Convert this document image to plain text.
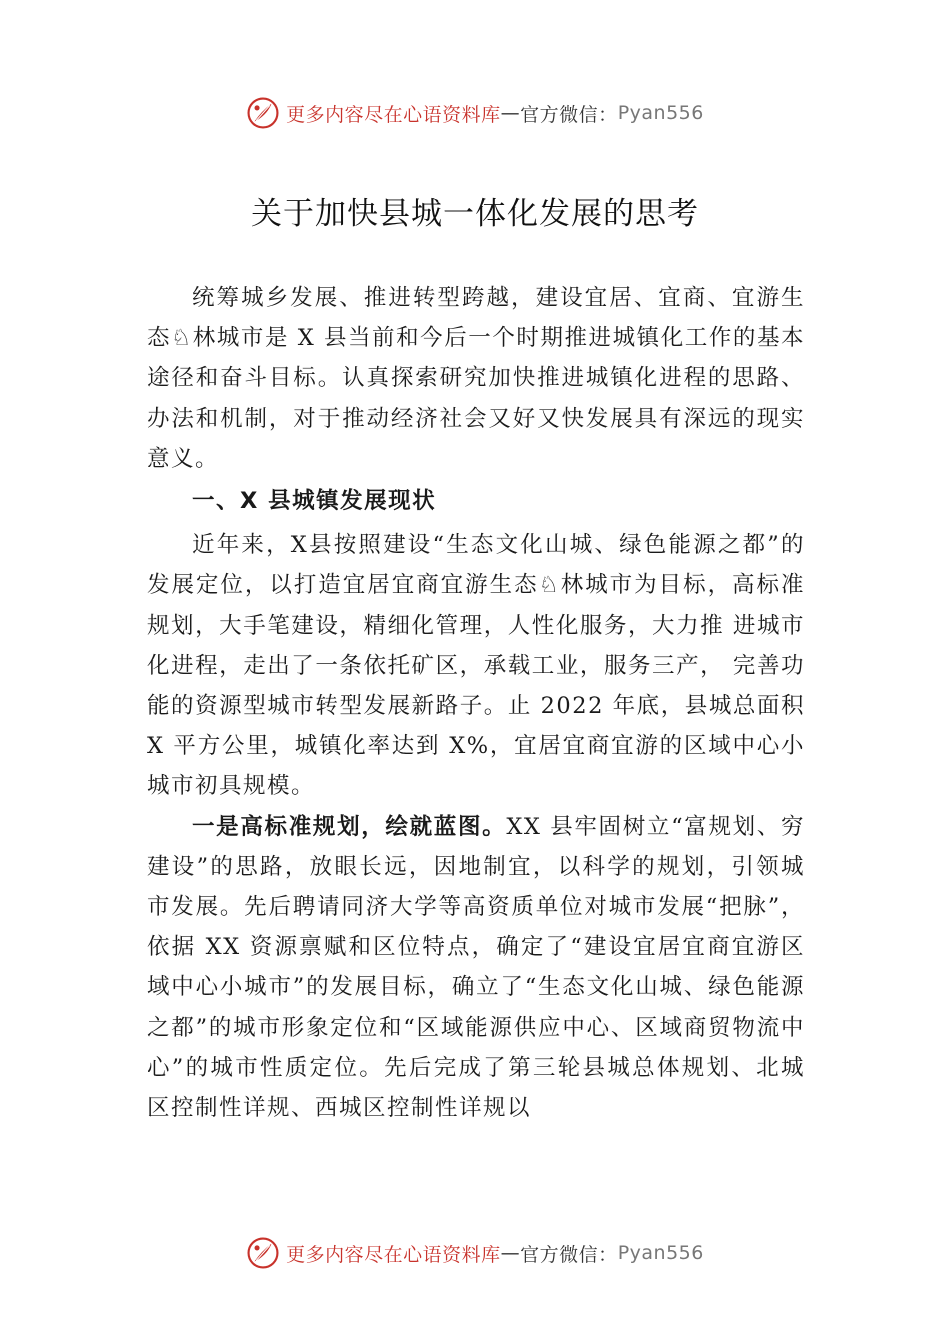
更多内容尽在心语资料库 — 官方微信： Pyan556
关于加快县城一体化发展的思考

统筹城乡发展、推进转型跨越，建设宜居、宜商、宜游生态♘林城市是 X 县当前和今后一个时期推进城镇化工作的基本途径和奋斗目标。认真探索研究加快推进城镇化进程的思路、办法和机制，对于推动经济社会又好又快发展具有深远的现实意义。

一、X 县城镇发展现状

近年来，X县按照建设“生态文化山城、绿色能源之都”的发展定位，以打造宜居宜商宜游生态♘林城市为目标，高标准规划，大手笔建设，精细化管理，人性化服务，大力推 进城市化进程，走出了一条依托矿区，承载工业，服务三产， 完善功能的资源型城市转型发展新路子。止 2022 年底，县城总面积 X 平方公里，城镇化率达到 X%，宜居宜商宜游的区域中心小城市初具规模。

一是高标准规划，绘就蓝图。XX 县牢固树立“富规划、穷建设”的思路，放眼长远，因地制宜，以科学的规划，引领城市发展。先后聘请同济大学等高资质单位对城市发展“把脉”，依据 XX 资源禀赋和区位特点，确定了“建设宜居宜商宜游区域中心小城市”的发展目标，确立了“生态文化山城、绿色能源之都”的城市形象定位和“区域能源供应中心、区域商贸物流中心”的城市性质定位。先后完成了第三轮县城总体规划、北城区控制性详规、西城区控制性详规以

更多内容尽在心语资料库 — 官方微信： Pyan556
